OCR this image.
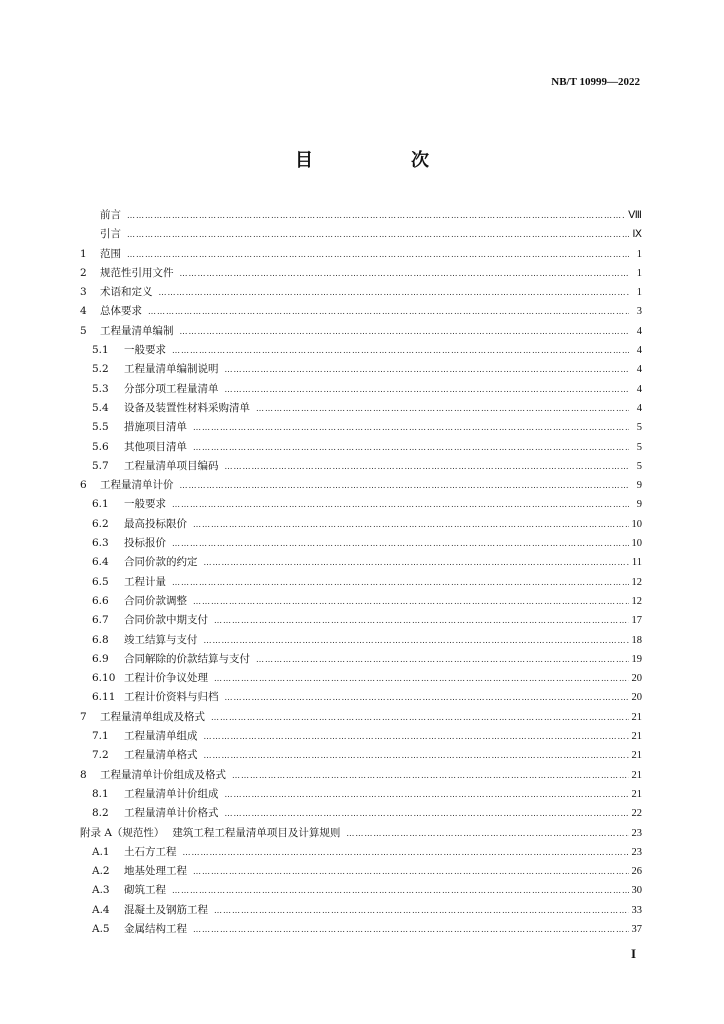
NB/T 10999—2022
目　次
前言 …………………………………………………………………………………………………………………………………………………………………………………………………………………………………………	Ⅷ
引言 …………………………………………………………………………………………………………………………………………………………………………………………………………………………………………	Ⅸ
1	范围 …………………………………………………………………………………………………………………………………………………………………………………………………………………………………………	1
2	规范性引用文件 …………………………………………………………………………………………………………………………………………………………………………………………………………………………………………	1
3	术语和定义 …………………………………………………………………………………………………………………………………………………………………………………………………………………………………………	1
4	总体要求 …………………………………………………………………………………………………………………………………………………………………………………………………………………………………………	3
5	工程量清单编制 …………………………………………………………………………………………………………………………………………………………………………………………………………………………………………	4
5.1	一般要求 …………………………………………………………………………………………………………………………………………………………………………………………………………………………………………	4
5.2	工程量清单编制说明 …………………………………………………………………………………………………………………………………………………………………………………………………………………………………………	4
5.3	分部分项工程量清单 …………………………………………………………………………………………………………………………………………………………………………………………………………………………………………	4
5.4	设备及装置性材料采购清单 …………………………………………………………………………………………………………………………………………………………………………………………………………………………………………	4
5.5	措施项目清单 …………………………………………………………………………………………………………………………………………………………………………………………………………………………………………	5
5.6	其他项目清单 …………………………………………………………………………………………………………………………………………………………………………………………………………………………………………	5
5.7	工程量清单项目编码 …………………………………………………………………………………………………………………………………………………………………………………………………………………………………………	5
6	工程量清单计价 …………………………………………………………………………………………………………………………………………………………………………………………………………………………………………	9
6.1	一般要求 …………………………………………………………………………………………………………………………………………………………………………………………………………………………………………	9
6.2	最高投标限价 …………………………………………………………………………………………………………………………………………………………………………………………………………………………………………	10
6.3	投标报价 …………………………………………………………………………………………………………………………………………………………………………………………………………………………………………	10
6.4	合同价款的约定 …………………………………………………………………………………………………………………………………………………………………………………………………………………………………………	11
6.5	工程计量 …………………………………………………………………………………………………………………………………………………………………………………………………………………………………………	12
6.6	合同价款调整 …………………………………………………………………………………………………………………………………………………………………………………………………………………………………………	12
6.7	合同价款中期支付 …………………………………………………………………………………………………………………………………………………………………………………………………………………………………………	17
6.8	竣工结算与支付 …………………………………………………………………………………………………………………………………………………………………………………………………………………………………………	18
6.9	合同解除的价款结算与支付 …………………………………………………………………………………………………………………………………………………………………………………………………………………………………………	19
6.10 工程计价争议处理 …………………………………………………………………………………………………………………………………………………………………………………………………………………………………………	20
6.11 工程计价资料与归档 …………………………………………………………………………………………………………………………………………………………………………………………………………………………………………	20
7	工程量清单组成及格式 …………………………………………………………………………………………………………………………………………………………………………………………………………………………………………	21
7.1	工程量清单组成 …………………………………………………………………………………………………………………………………………………………………………………………………………………………………………	21
7.2	工程量清单格式 …………………………………………………………………………………………………………………………………………………………………………………………………………………………………………	21
8	工程量清单计价组成及格式 …………………………………………………………………………………………………………………………………………………………………………………………………………………………………………	21
8.1	工程量清单计价组成 …………………………………………………………………………………………………………………………………………………………………………………………………………………………………………	21
8.2	工程量清单计价格式 …………………………………………………………………………………………………………………………………………………………………………………………………………………………………………	22
附录 A（规范性） 建筑工程工程量清单项目及计算规则 …………………………………………………………………………………………………………………………………………………………………………………………………………………………………………	23
A.1	土石方工程 …………………………………………………………………………………………………………………………………………………………………………………………………………………………………………	23
A.2	地基处理工程 …………………………………………………………………………………………………………………………………………………………………………………………………………………………………………	26
A.3	砌筑工程 …………………………………………………………………………………………………………………………………………………………………………………………………………………………………………	30
A.4	混凝土及钢筋工程 …………………………………………………………………………………………………………………………………………………………………………………………………………………………………………	33
A.5	金属结构工程 …………………………………………………………………………………………………………………………………………………………………………………………………………………………………………	37
I
